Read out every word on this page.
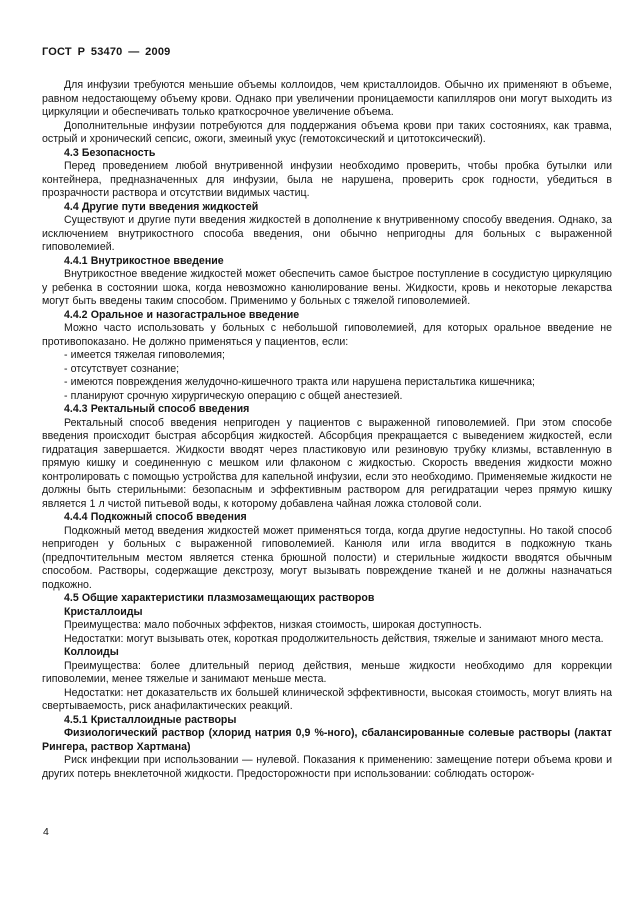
ГОСТ Р 53470 — 2009

Для инфузии требуются меньшие объемы коллоидов, чем кристаллоидов. Обычно их применяют в объеме, равном недостающему объему крови. Однако при увеличении проницаемости капилляров они могут выходить из циркуляции и обеспечивать только краткосрочное увеличение объема.

Дополнительные инфузии потребуются для поддержания объема крови при таких состояниях, как травма, острый и хронический сепсис, ожоги, змеиный укус (гемотоксический и цитотоксический).

4.3 Безопасность

Перед проведением любой внутривенной инфузии необходимо проверить, чтобы пробка бутылки или контейнера, предназначенных для инфузии, была не нарушена, проверить срок годности, убедиться в прозрачности раствора и отсутствии видимых частиц.

4.4 Другие пути введения жидкостей

Существуют и другие пути введения жидкостей в дополнение к внутривенному способу введения. Однако, за исключением внутрикостного способа введения, они обычно непригодны для больных с выраженной гиповолемией.

4.4.1 Внутрикостное введение

Внутрикостное введение жидкостей может обеспечить самое быстрое поступление в сосудистую циркуляцию у ребенка в состоянии шока, когда невозможно канюлирование вены. Жидкости, кровь и некоторые лекарства могут быть введены таким способом. Применимо у больных с тяжелой гиповолемией.

4.4.2 Оральное и назогастральное введение

Можно часто использовать у больных с небольшой гиповолемией, для которых оральное введение не противопоказано. Не должно применяться у пациентов, если:

- имеется тяжелая гиповолемия;

- отсутствует сознание;

- имеются повреждения желудочно-кишечного тракта или нарушена перистальтика кишечника;

- планируют срочную хирургическую операцию с общей анестезией.

4.4.3 Ректальный способ введения

Ректальный способ введения непригоден у пациентов с выраженной гиповолемией. При этом способе введения происходит быстрая абсорбция жидкостей. Абсорбция прекращается с выведением жидкостей, если гидратация завершается. Жидкости вводят через пластиковую или резиновую трубку клизмы, вставленную в прямую кишку и соединенную с мешком или флаконом с жидкостью. Скорость введения жидкости можно контролировать с помощью устройства для капельной инфузии, если это необходимо. Применяемые жидкости не должны быть стерильными: безопасным и эффективным раствором для регидратации через прямую кишку является 1 л чистой питьевой воды, к которому добавлена чайная ложка столовой соли.

4.4.4 Подкожный способ введения

Подкожный метод введения жидкостей может применяться тогда, когда другие недоступны. Но такой способ непригоден у больных с выраженной гиповолемией. Канюля или игла вводится в подкожную ткань (предпочтительным местом является стенка брюшной полости) и стерильные жидкости вводятся обычным способом. Растворы, содержащие декстрозу, могут вызывать повреждение тканей и не должны назначаться подкожно.

4.5 Общие характеристики плазмозамещающих растворов

Кристаллоиды

Преимущества: мало побочных эффектов, низкая стоимость, широкая доступность.

Недостатки: могут вызывать отек, короткая продолжительность действия, тяжелые и занимают много места.

Коллоиды

Преимущества: более длительный период действия, меньше жидкости необходимо для коррекции гиповолемии, менее тяжелые и занимают меньше места.

Недостатки: нет доказательств их большей клинической эффективности, высокая стоимость, могут влиять на свертываемость, риск анафилактических реакций.

4.5.1 Кристаллоидные растворы

Физиологический раствор (хлорид натрия 0,9 %-ного), сбалансированные солевые растворы (лактат Рингера, раствор Хартмана)

Риск инфекции при использовании — нулевой. Показания к применению: замещение потери объема крови и других потерь внеклеточной жидкости. Предосторожности при использовании: соблюдать осторож-

4
